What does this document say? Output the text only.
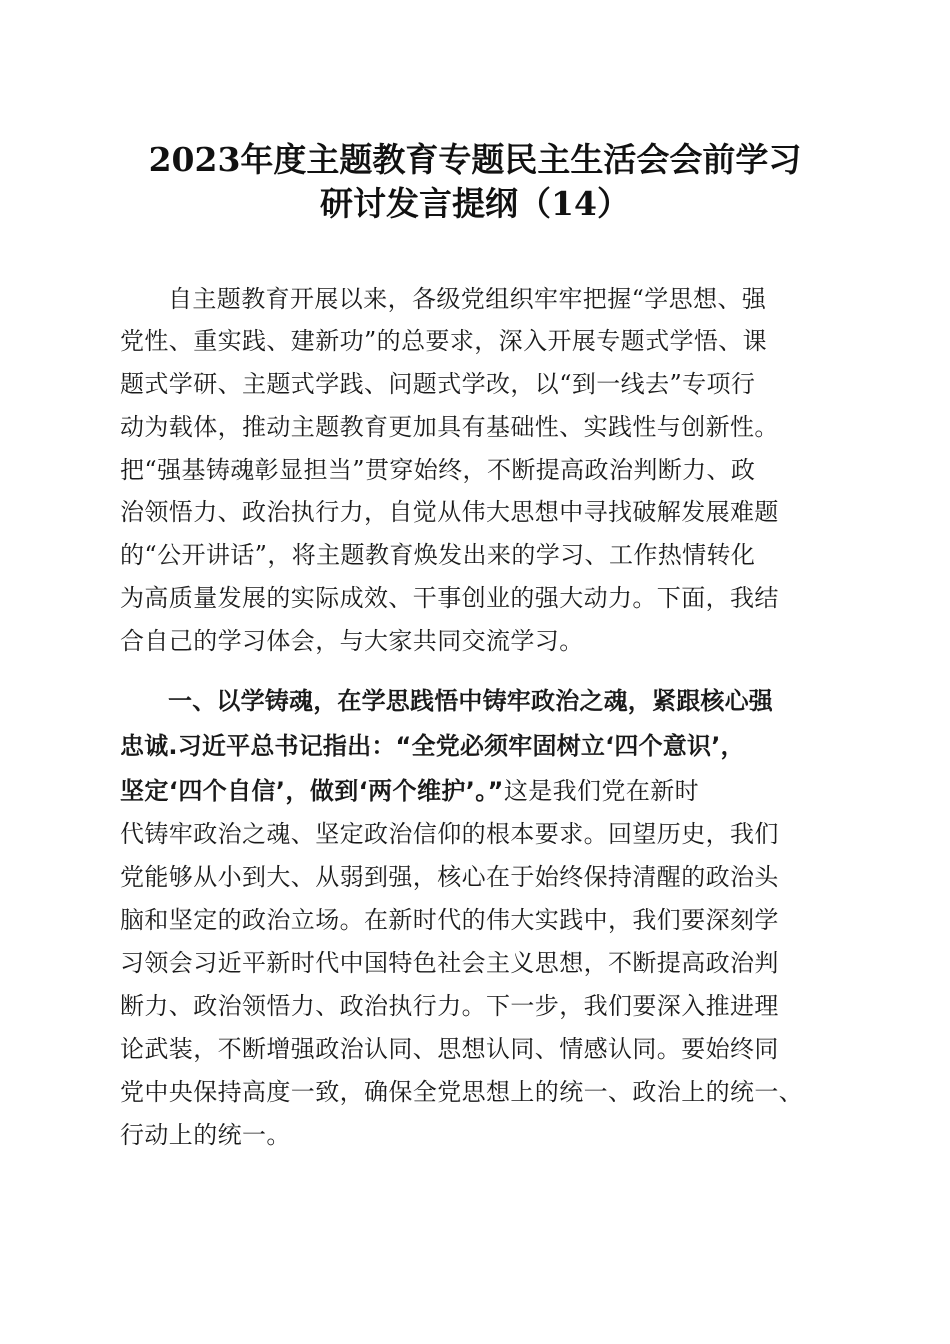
2023年度主题教育专题民主生活会会前学习
研讨发言提纲（14）
自主题教育开展以来，各级党组织牢牢把握“学思想、强
党性、重实践、建新功”的总要求，深入开展专题式学悟、课
题式学研、主题式学践、问题式学改，以“到一线去”专项行
动为载体，推动主题教育更加具有基础性、实践性与创新性。
把“强基铸魂彰显担当”贯穿始终，不断提高政治判断力、政
治领悟力、政治执行力，自觉从伟大思想中寻找破解发展难题
的“公开讲话”，将主题教育焕发出来的学习、工作热情转化
为高质量发展的实际成效、干事创业的强大动力。下面，我结
合自己的学习体会，与大家共同交流学习。
一、以学铸魂，在学思践悟中铸牢政治之魂，紧跟核心强
忠诚.习近平总书记指出：“全党必须牢固树立‘四个意识’，
坚定‘四个自信’，做到‘两个维护’。”这是我们党在新时
代铸牢政治之魂、坚定政治信仰的根本要求。回望历史，我们
党能够从小到大、从弱到强，核心在于始终保持清醒的政治头
脑和坚定的政治立场。在新时代的伟大实践中，我们要深刻学
习领会习近平新时代中国特色社会主义思想，不断提高政治判
断力、政治领悟力、政治执行力。下一步，我们要深入推进理
论武装，不断增强政治认同、思想认同、情感认同。要始终同
党中央保持高度一致，确保全党思想上的统一、政治上的统一、
行动上的统一。
